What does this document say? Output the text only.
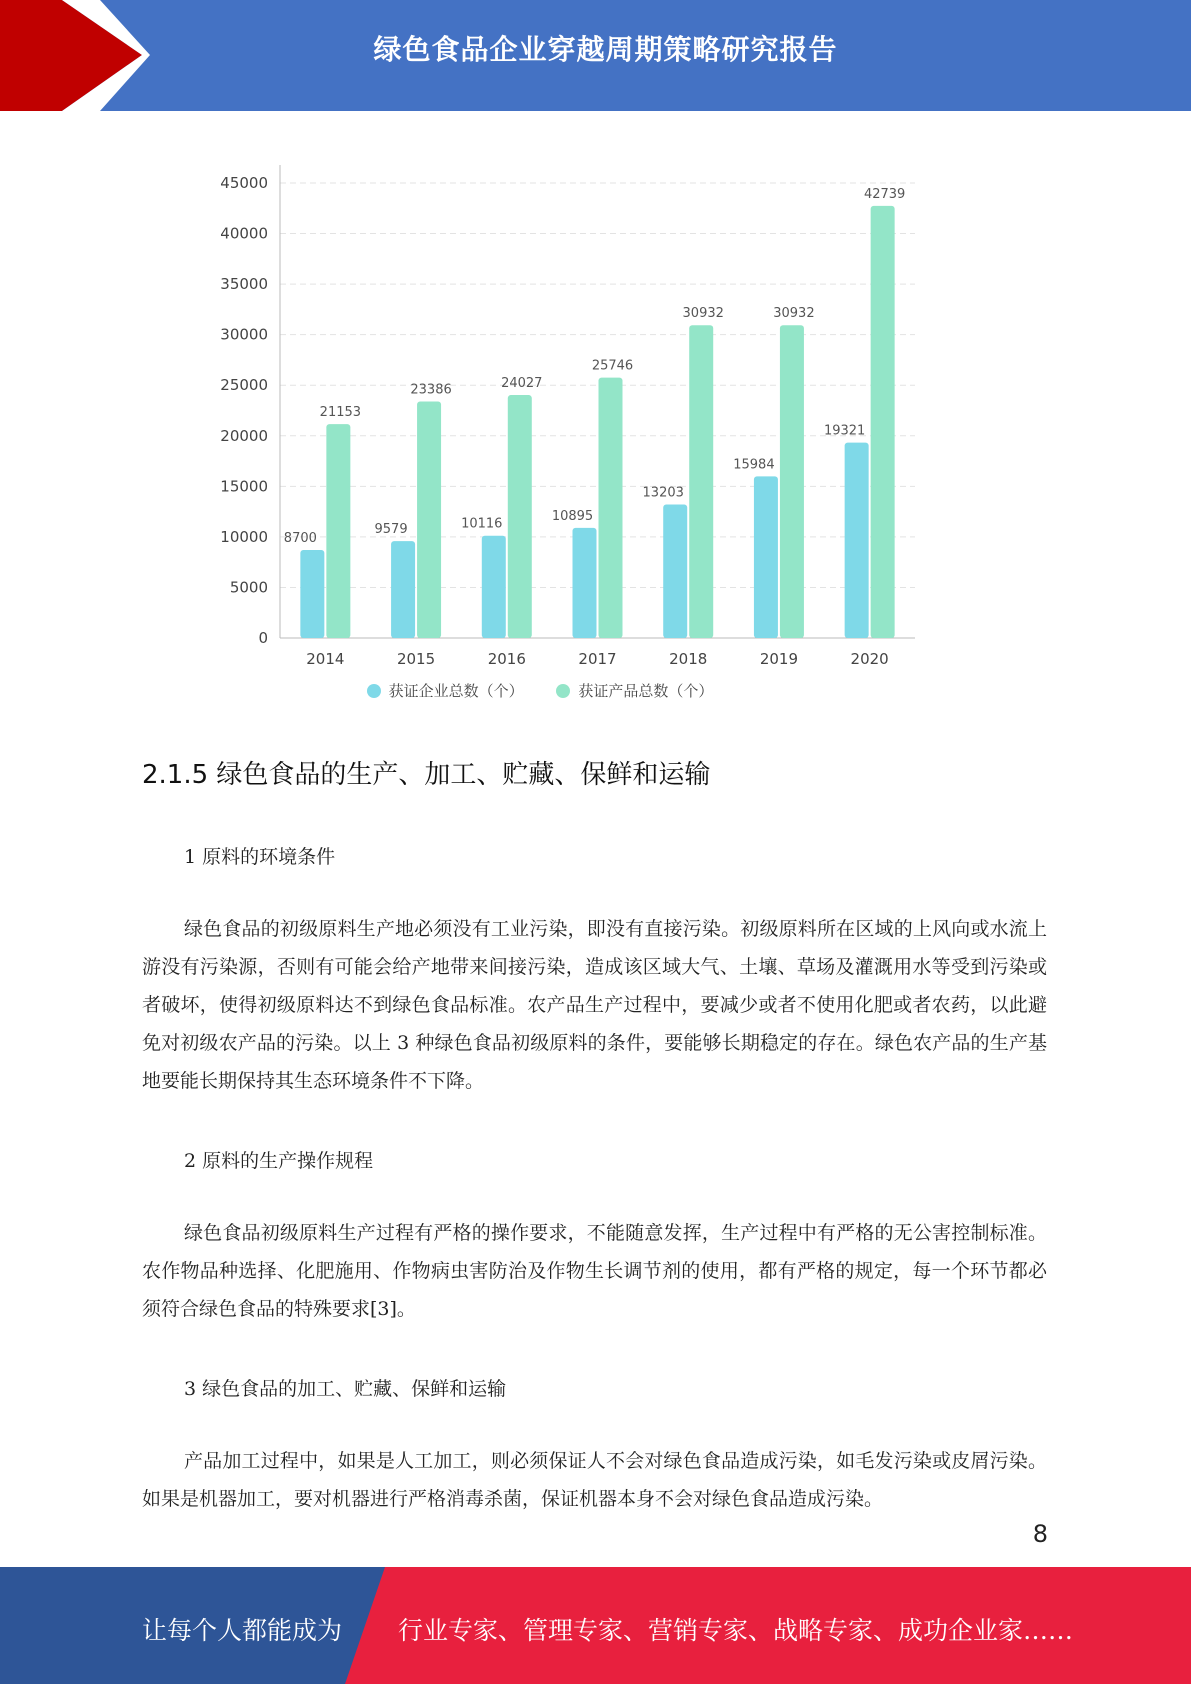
绿色食品企业穿越周期策略研究报告
0
5000
10000
15000
20000
25000
30000
35000
40000
45000
8700
21153
2014
9579
23386
2015
10116
24027
2016
10895
25746
2017
13203
30932
2018
15984
30932
2019
19321
42739
2020
获证企业总数（个）
	获证产品总数（个）
2.1.5 绿色食品的生产、加工、贮藏、保鲜和运输
1 原料的环境条件
绿色食品的初级原料生产地必须没有工业污染，即没有直接污染。初级原料所在区域的上风向或水流上游没有污染源，否则有可能会给产地带来间接污染，造成该区域大气、土壤、草场及灌溉用水等受到污染或者破坏，使得初级原料达不到绿色食品标准。农产品生产过程中，要减少或者不使用化肥或者农药，以此避免对初级农产品的污染。以上 3 种绿色食品初级原料的条件，要能够长期稳定的存在。绿色农产品的生产基地要能长期保持其生态环境条件不下降。
2 原料的生产操作规程
绿色食品初级原料生产过程有严格的操作要求，不能随意发挥，生产过程中有严格的无公害控制标准。农作物品种选择、化肥施用、作物病虫害防治及作物生长调节剂的使用，都有严格的规定，每一个环节都必须符合绿色食品的特殊要求[3]。
3 绿色食品的加工、贮藏、保鲜和运输
产品加工过程中，如果是人工加工，则必须保证人不会对绿色食品造成污染，如毛发污染或皮屑污染。如果是机器加工，要对机器进行严格消毒杀菌，保证机器本身不会对绿色食品造成污染。
8
让每个人都能成为 行业专家、管理专家、营销专家、战略专家、成功企业家……
